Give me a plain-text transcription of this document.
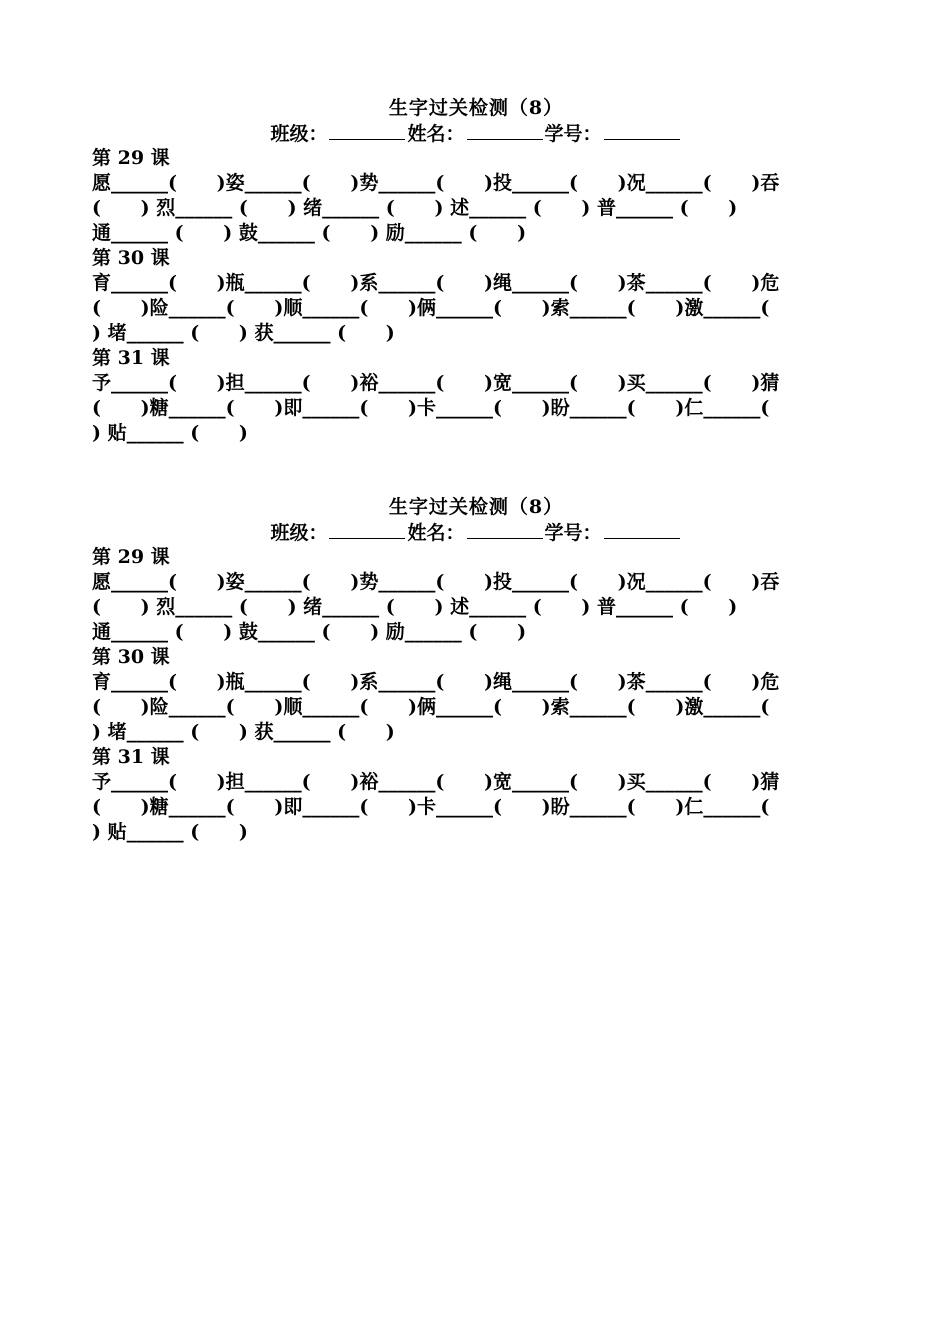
生字过关检测（8）
班级：	姓名：	学号：
第 29 课
愿______(      )姿______(      )势______(      )投______(      )况______(      )吞
(      ) 烈______ (      ) 绪______ (      ) 述______ (      ) 普______ (      )
通______ (      ) 鼓______ (      ) 励______ (      )
第 30 课
育______(      )瓶______(      )系______(      )绳______(      )茶______(      )危
(      )险______(      )顺______(      )俩______(      )索______(      )激______(
) 堵______ (      ) 获______ (      )
第 31 课
予______(      )担______(      )裕______(      )宽______(      )买______(      )猜
(      )糖______(      )即______(      )卡______(      )盼______(      )仁______(
) 贴______ (      )
生字过关检测（8）
班级：	姓名：	学号：
第 29 课
愿______(      )姿______(      )势______(      )投______(      )况______(      )吞
(      ) 烈______ (      ) 绪______ (      ) 述______ (      ) 普______ (      )
通______ (      ) 鼓______ (      ) 励______ (      )
第 30 课
育______(      )瓶______(      )系______(      )绳______(      )茶______(      )危
(      )险______(      )顺______(      )俩______(      )索______(      )激______(
) 堵______ (      ) 获______ (      )
第 31 课
予______(      )担______(      )裕______(      )宽______(      )买______(      )猜
(      )糖______(      )即______(      )卡______(      )盼______(      )仁______(
) 贴______ (      )
